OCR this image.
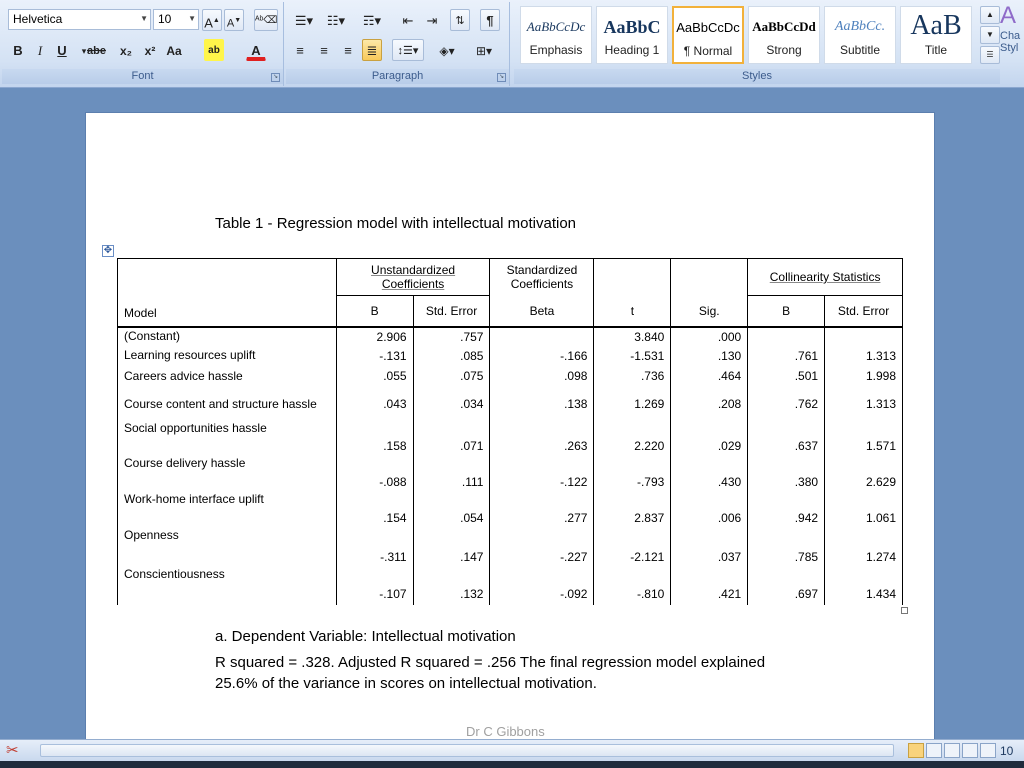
Helvetica	▼ 10 ▼ A▲ A▼ ᴬᵇ⌫
B	I	U	▾ abe	x₂	x² Aa	ab	A
Font	↘
☰▾	☷▾	☶▾	⇤	⇥	⇅	¶
≡	≡	≡	≣	↕☰▾	◈▾	⊞▾
Paragraph	↘
AaBbCcDc
Emphasis
AaBbC
Heading 1
AaBbCcDc
¶ Normal
AaBbCcDd
Strong
AaBbCc.
Subtitle
AaB
Title
▲
▼
☰
Styles
A
Cha Styl
Table 1 - Regression model with intellectual motivation
✥
Model	Unstandardized Coefficients		Standardized Coefficients			Collinearity Statistics	
	B	Std. Error	Beta	t	Sig.	B	Std. Error
(Constant)	2.906	.757		3.840	.000		
Learning resources uplift	-.131	.085	-.166	-1.531	.130	.761	1.313
Careers advice hassle	.055	.075	.098	.736	.464	.501	1.998
Course content and structure hassle	.043	.034	.138	1.269	.208	.762	1.313
Social opportunities hassle	.158	.071	.263	2.220	.029	.637	1.571
Course delivery hassle	-.088	.111	-.122	-.793	.430	.380	2.629
Work-home interface uplift	.154	.054	.277	2.837	.006	.942	1.061
Openness	-.311	.147	-.227	-2.121	.037	.785	1.274
Conscientiousness	-.107	.132	-.092	-.810	.421	.697	1.434
a. Dependent Variable: Intellectual motivation
R squared = .328. Adjusted R squared = .256 The final regression model explained
25.6% of the variance in scores on intellectual motivation.
Dr C Gibbons
✂	10
